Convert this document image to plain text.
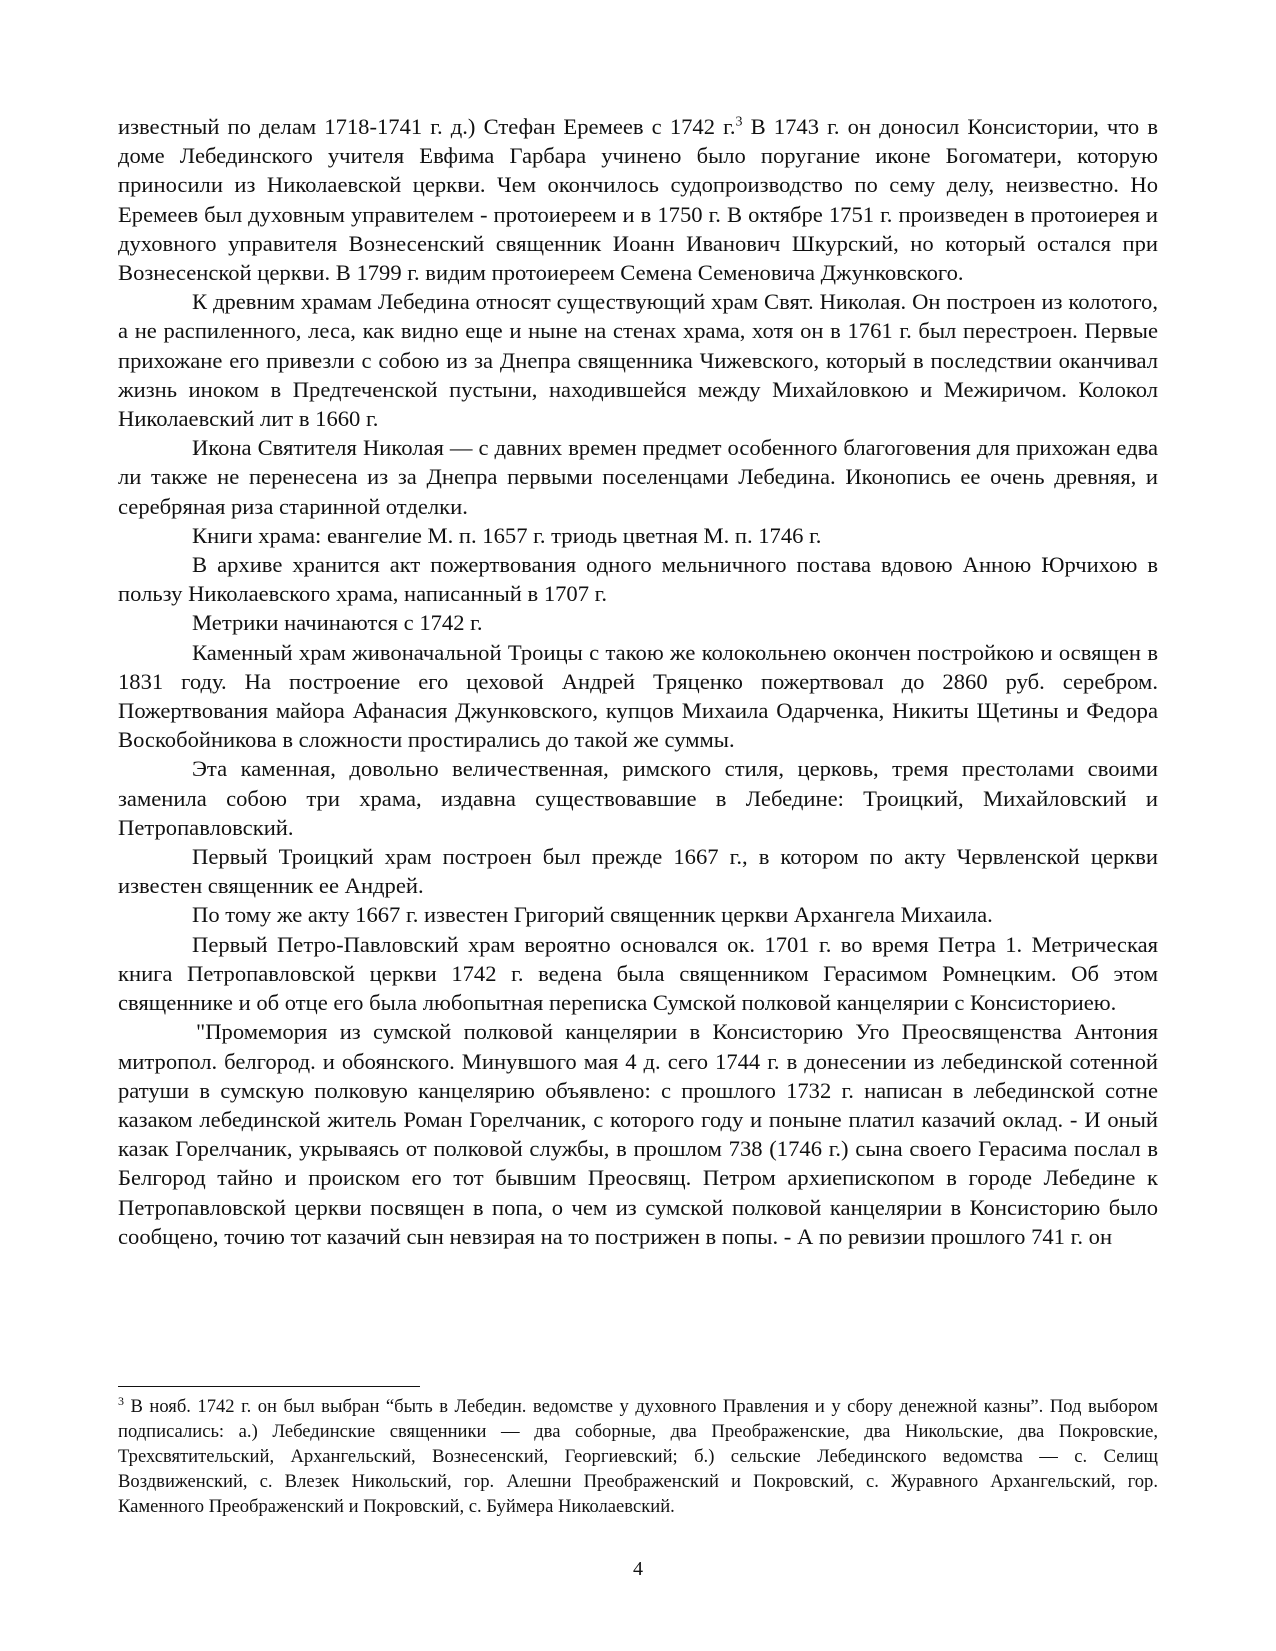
известный по делам 1718-1741 г. д.) Стефан Еремеев с 1742 г.$^3$ В 1743 г. он доносил Консистории, что в доме Лебединского учителя Евфима Гарбара учинено было поругание иконе Богоматери, которую приносили из Николаевской церкви. Чем окончилось судопроизводство по сему делу, неизвестно. Но Еремеев был духовным управителем - протоиереем и в 1750 г. В октябре 1751 г. произведен в протоиерея и духовного управителя Вознесенский священник Иоанн Иванович Шкурский, но который остался при Вознесенской церкви. В 1799 г. видим протоиереем Семена Семеновича Джунковского.

К древним храмам Лебедина относят существующий храм Свят. Николая. Он построен из колотого, а не распиленного, леса, как видно еще и ныне на стенах храма, хотя он в 1761 г. был перестроен. Первые прихожане его привезли с собою из за Днепра священника Чижевского, который в последствии оканчивал жизнь иноком в Предтеченской пустыни, находившейся между Михайловкою и Межиричом. Колокол Николаевский лит в 1660 г.

Икона Святителя Николая — с давних времен предмет особенного благоговения для прихожан едва ли также не перенесена из за Днепра первыми поселенцами Лебедина. Иконопись ее очень древняя, и серебряная риза старинной отделки.

Книги храма: евангелие М. п. 1657 г. триодь цветная М. п. 1746 г.

В архиве хранится акт пожертвования одного мельничного постава вдовою Анною Юрчихою в пользу Николаевского храма, написанный в 1707 г.

Метрики начинаются с 1742 г.

Каменный храм живоначальной Троицы с такою же колокольнею окончен постройкою и освящен в 1831 году. На построение его цеховой Андрей Тряценко пожертвовал до 2860 руб. серебром. Пожертвования майора Афанасия Джунковского, купцов Михаила Одарченка, Никиты Щетины и Федора Воскобойникова в сложности простирались до такой же суммы.

Эта каменная, довольно величественная, римского стиля, церковь, тремя престолами своими заменила собою три храма, издавна существовавшие в Лебедине: Троицкий, Михайловский и Петропавловский.

Первый Троицкий храм построен был прежде 1667 г., в котором по акту Червленской церкви известен священник ее Андрей.

По тому же акту 1667 г. известен Григорий священник церкви Архангела Михаила.

Первый Петро-Павловский храм вероятно основался ок. 1701 г. во время Петра 1. Метрическая книга Петропавловской церкви 1742 г. ведена была священником Герасимом Ромнецким. Об этом священнике и об отце его была любопытная переписка Сумской полковой канцелярии с Консисториею.

"Промемория из сумской полковой канцелярии в Консисторию Уго Преосвященства Антония митропол. белгород. и обоянского. Минувшого мая 4 д. сего 1744 г. в донесении из лебединской сотенной ратуши в сумскую полковую канцелярию объявлено: с прошлого 1732 г. написан в лебединской сотне казаком лебединской житель Роман Горелчаник, с которого году и поныне платил казачий оклад. - И оный казак Горелчаник, укрываясь от полковой службы, в прошлом 738 (1746 г.) сына своего Герасима послал в Белгород тайно и происком его тот бывшим Преосвящ. Петром архиепископом в городе Лебедине к Петропавловской церкви посвящен в попа, о чем из сумской полковой канцелярии в Консисторию было сообщено, точию тот казачий сын невзирая на то пострижен в попы. - А по ревизии прошлого 741 г. он

$^3$ В нояб. 1742 г. он был выбран “быть в Лебедин. ведомстве у духовного Правления и у сбору денежной казны”. Под выбором подписались: а.) Лебединские священники — два соборные, два Преображенские, два Никольские, два Покровские, Трехсвятительский, Архангельский, Вознесенский, Георгиевский; б.) сельские Лебединского ведомства — с. Селищ Воздвиженский, с. Влезек Никольский, гор. Алешни Преображенский и Покровский, с. Журавного Архангельский, гор. Каменного Преображенский и Покровский, с. Буймера Николаевский.

4
